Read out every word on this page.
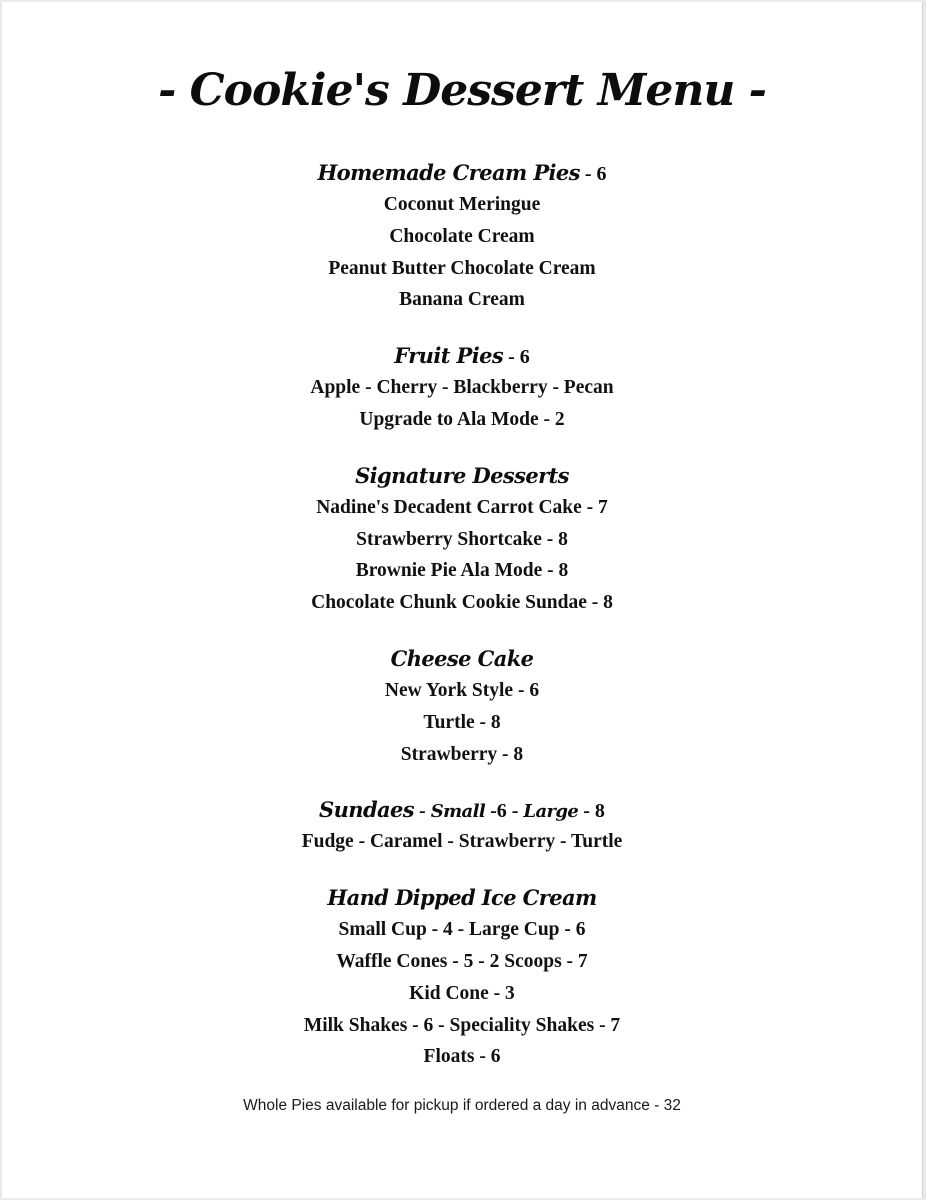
- Cookie's Dessert Menu -
Homemade Cream Pies - 6
Coconut Meringue
Chocolate Cream
Peanut Butter Chocolate Cream
Banana Cream
Fruit Pies - 6
Apple - Cherry - Blackberry - Pecan
Upgrade to Ala Mode - 2
Signature Desserts
Nadine's Decadent Carrot Cake - 7
Strawberry Shortcake - 8
Brownie Pie Ala Mode - 8
Chocolate Chunk Cookie Sundae - 8
Cheese Cake
New York Style - 6
Turtle - 8
Strawberry - 8
Sundaes - Small -6 - Large - 8
Fudge - Caramel - Strawberry - Turtle
Hand Dipped Ice Cream
Small Cup - 4 - Large Cup - 6
Waffle Cones - 5 - 2 Scoops - 7
Kid Cone - 3
Milk Shakes - 6 - Speciality Shakes - 7
Floats - 6
Whole Pies available for pickup if ordered a day in advance - 32
